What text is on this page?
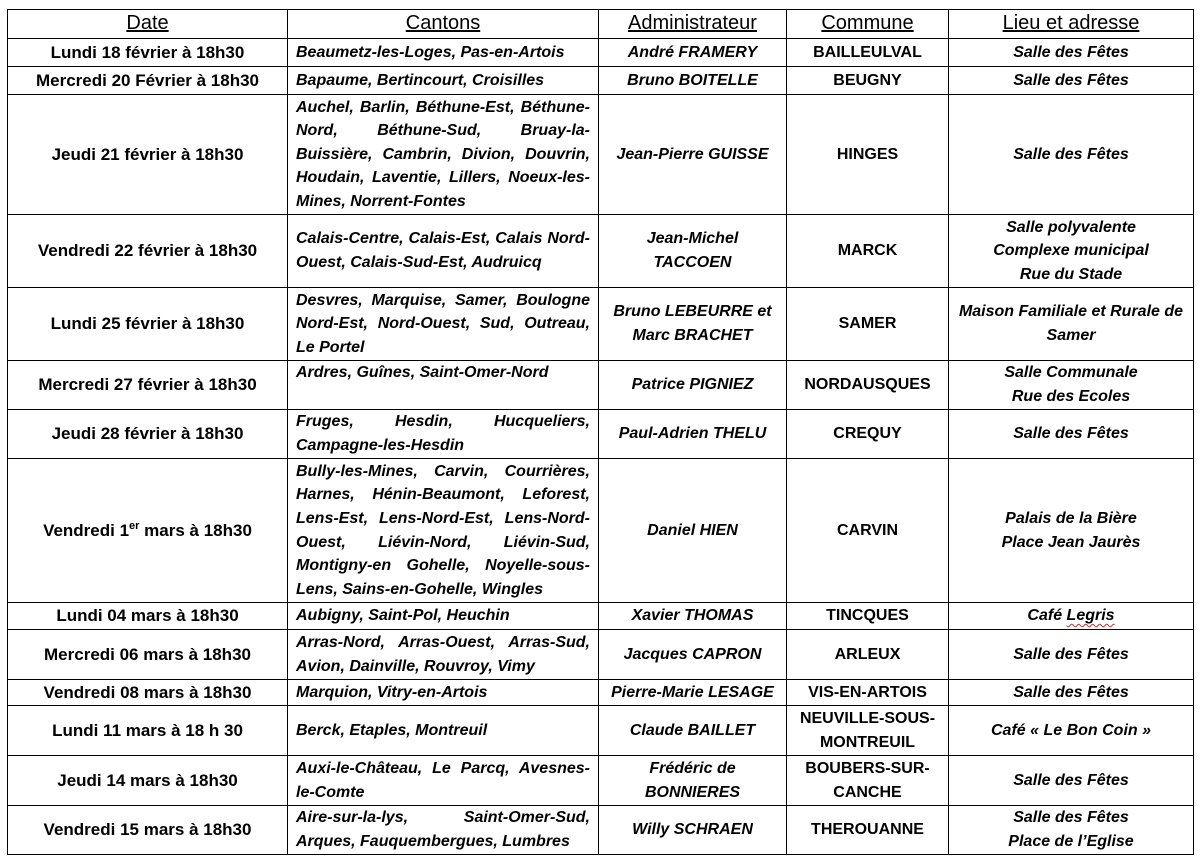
Date	Cantons	Administrateur	Commune	Lieu et adresse
Lundi 18 février à 18h30	Beaumetz-les-Loges, Pas-en-Artois	André FRAMERY	BAILLEULVAL	Salle des Fêtes

Mercredi 20 Février à 18h30	Bapaume, Bertincourt, Croisilles	Bruno BOITELLE	BEUGNY	Salle des Fêtes

Jeudi 21 février à 18h30	Auchel, Barlin, Béthune-Est, Béthune-Nord, Béthune-Sud, Bruay-la-Buissière, Cambrin, Divion, Douvrin, Houdain, Laventie, Lillers, Noeux-les-Mines, Norrent-Fontes	Jean-Pierre GUISSE	HINGES	Salle des Fêtes

Vendredi 22 février à 18h30	Calais-Centre, Calais-Est, Calais Nord-Ouest, Calais-Sud-Est, Audruicq	Jean-Michel TACCOEN	MARCK	Salle polyvalente
Complexe municipal
Rue du Stade

Lundi 25 février à 18h30	Desvres, Marquise, Samer, Boulogne Nord-Est, Nord-Ouest, Sud, Outreau, Le Portel	Bruno LEBEURRE et Marc BRACHET	SAMER	Maison Familiale et Rurale de Samer
Mercredi 27 février à 18h30	Ardres, Guînes, Saint-Omer-Nord	Patrice PIGNIEZ	NORDAUSQUES	Salle Communale
Rue des Ecoles

Jeudi 28 février à 18h30	Fruges, Hesdin, Hucqueliers, Campagne-les-Hesdin	Paul-Adrien THELU	CREQUY	Salle des Fêtes

Vendredi 1er mars à 18h30	Bully-les-Mines, Carvin, Courrières, Harnes, Hénin-Beaumont, Leforest, Lens-Est, Lens-Nord-Est, Lens-Nord-Ouest, Liévin-Nord, Liévin-Sud, Montigny-en Gohelle, Noyelle-sous-Lens, Sains-en-Gohelle, Wingles	Daniel HIEN	CARVIN	Palais de la Bière
Place Jean Jaurès

Lundi 04 mars à 18h30	Aubigny, Saint-Pol, Heuchin	Xavier THOMAS	TINCQUES	Café Legris
Mercredi 06 mars à 18h30	Arras-Nord, Arras-Ouest, Arras-Sud, Avion, Dainville, Rouvroy, Vimy	Jacques CAPRON	ARLEUX	Salle des Fêtes

Vendredi 08 mars à 18h30	Marquion, Vitry-en-Artois	Pierre-Marie LESAGE	VIS-EN-ARTOIS	Salle des Fêtes

Lundi 11 mars à 18 h 30	Berck, Etaples, Montreuil	Claude BAILLET	NEUVILLE-SOUS-MONTREUIL	Café « Le Bon Coin »

Jeudi 14 mars à 18h30	Auxi-le-Château, Le Parcq, Avesnes-le-Comte	Frédéric de BONNIERES	BOUBERS-SUR-CANCHE	Salle des Fêtes

Vendredi 15 mars à 18h30	Aire-sur-la-lys, Saint-Omer-Sud, Arques, Fauquembergues, Lumbres	Willy SCHRAEN	THEROUANNE	Salle des Fêtes
Place de l’Eglise
